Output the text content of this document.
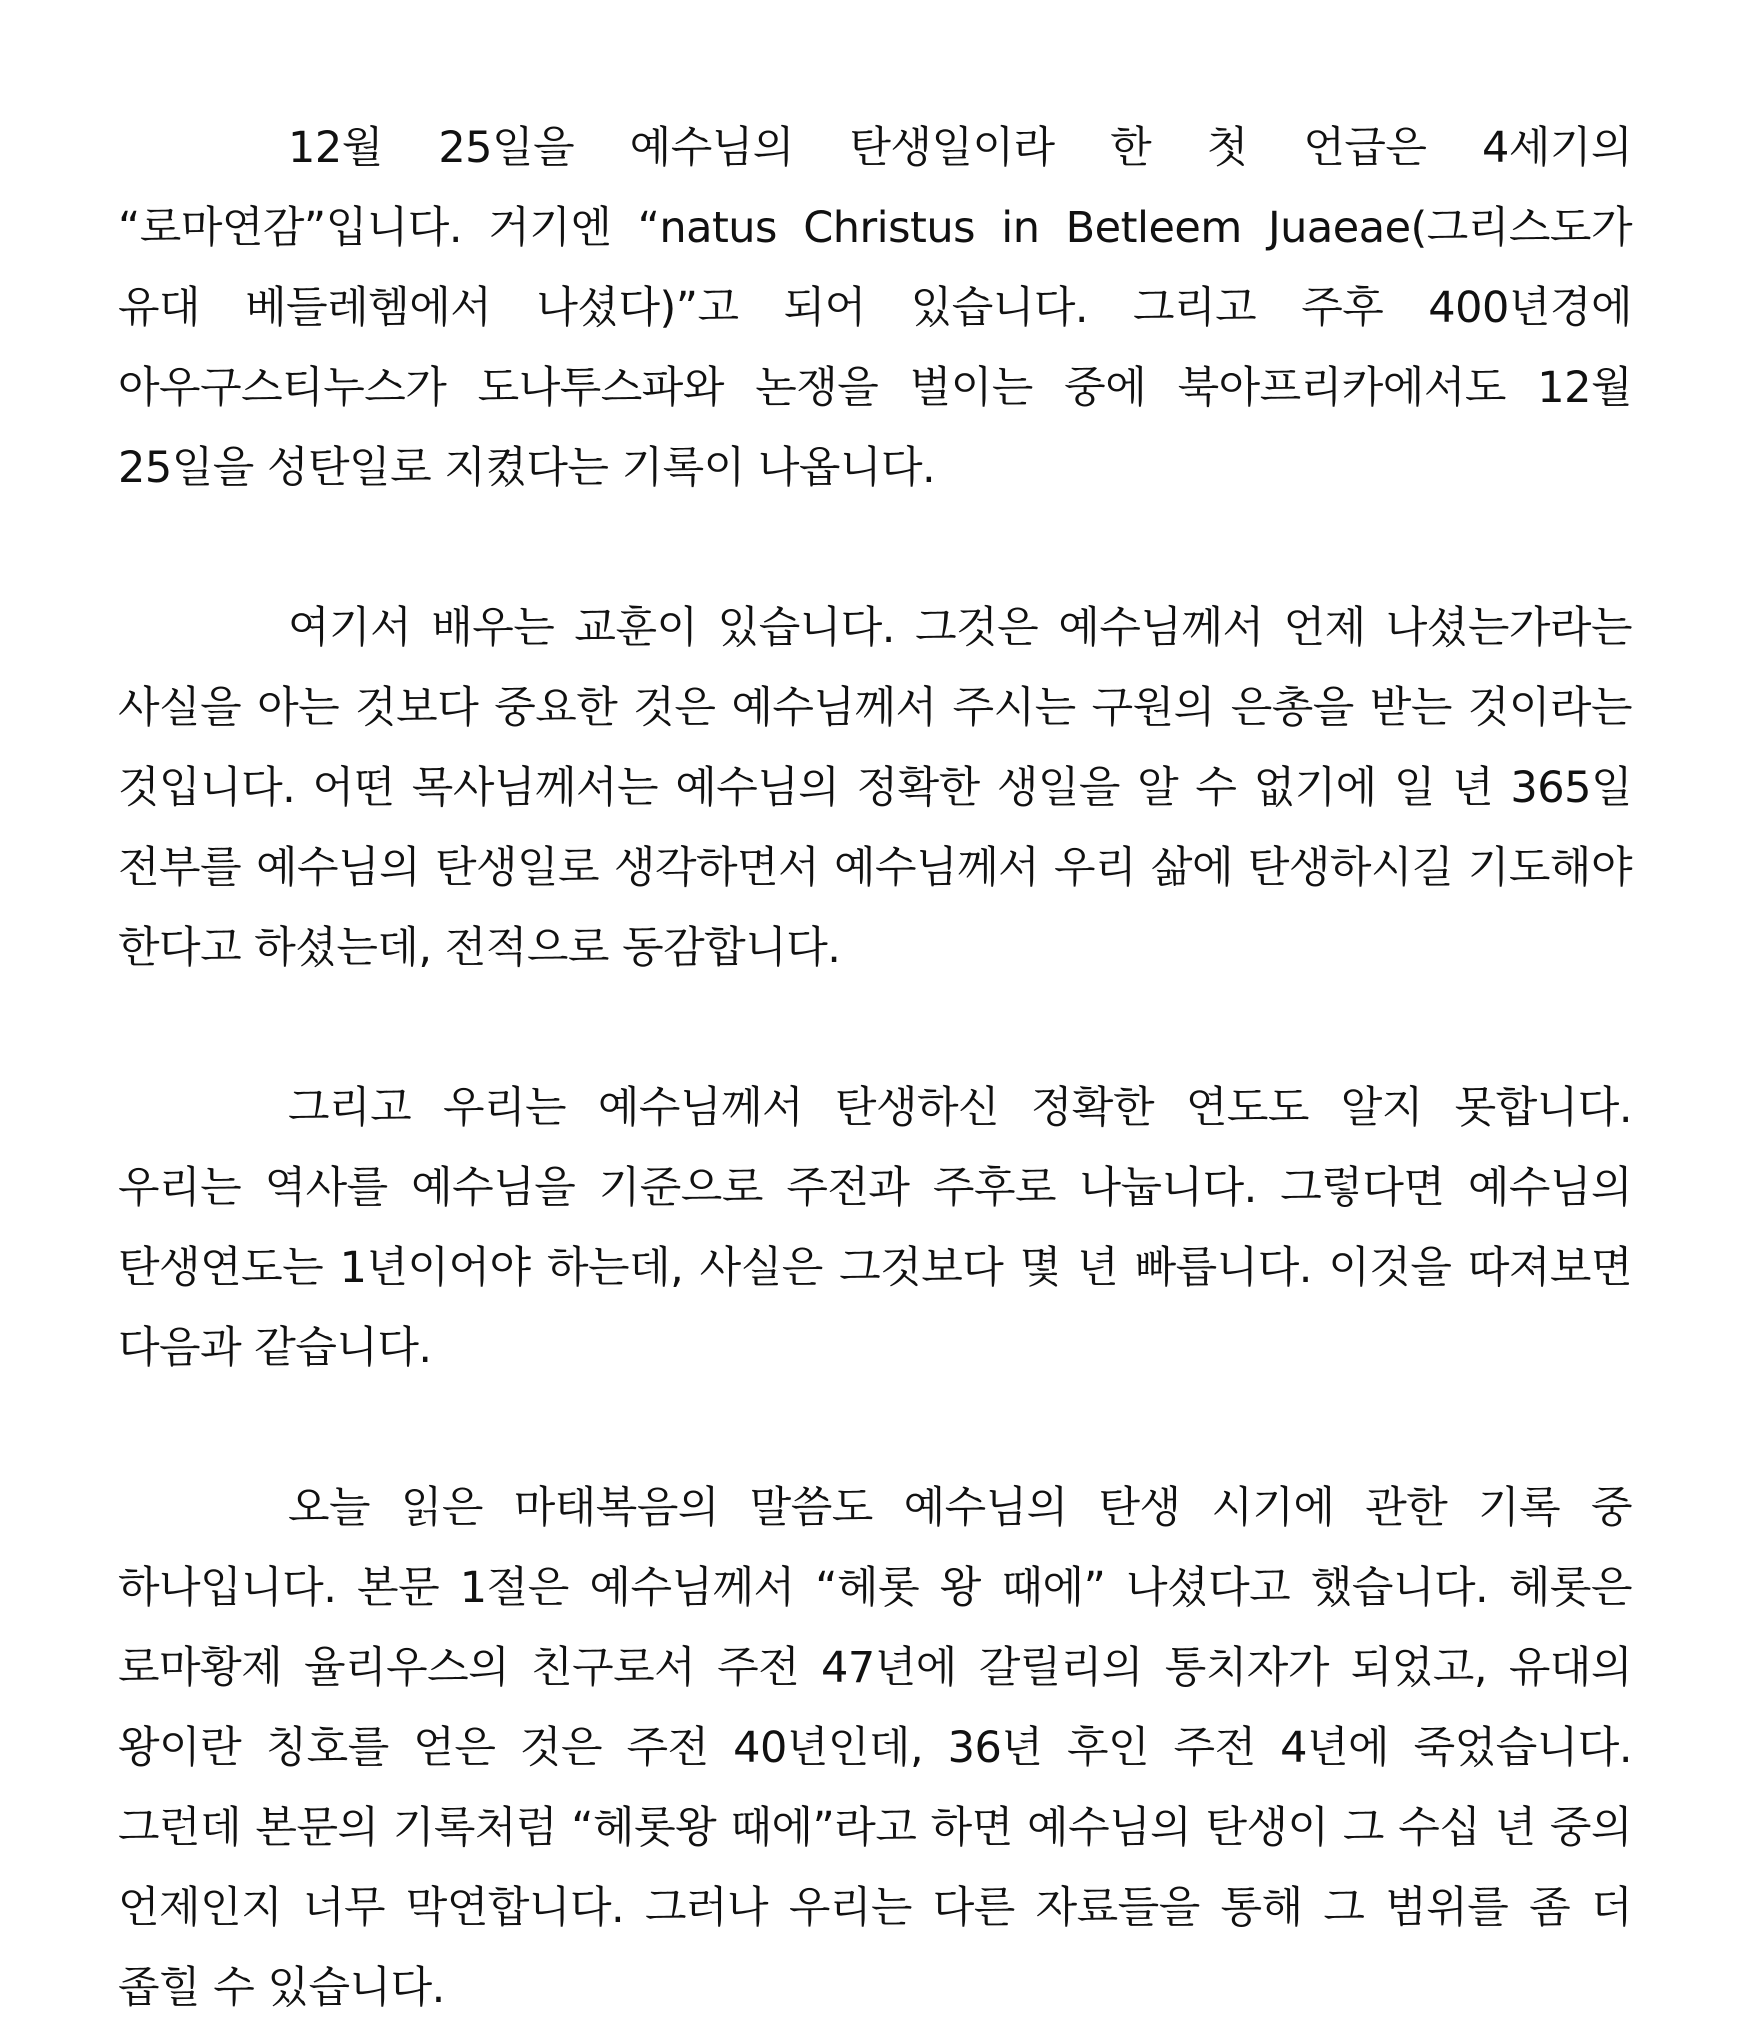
12월 25일을 예수님의 탄생일이라 한 첫 언급은 4세기의 “로마연감”입니다. 거기엔 “natus Christus in Betleem Juaeae(그리스도가 유대 베들레헴에서 나셨다)”고 되어 있습니다. 그리고 주후 400년경에 아우구스티누스가 도나투스파와 논쟁을 벌이는 중에 북아프리카에서도 12월 25일을 성탄일로 지켰다는 기록이 나옵니다.

여기서 배우는 교훈이 있습니다. 그것은 예수님께서 언제 나셨는가라는 사실을 아는 것보다 중요한 것은 예수님께서 주시는 구원의 은총을 받는 것이라는 것입니다. 어떤 목사님께서는 예수님의 정확한 생일을 알 수 없기에 일 년 365일 전부를 예수님의 탄생일로 생각하면서 예수님께서 우리 삶에 탄생하시길 기도해야 한다고 하셨는데, 전적으로 동감합니다.

그리고 우리는 예수님께서 탄생하신 정확한 연도도 알지 못합니다. 우리는 역사를 예수님을 기준으로 주전과 주후로 나눕니다. 그렇다면 예수님의 탄생연도는 1년이어야 하는데, 사실은 그것보다 몇 년 빠릅니다. 이것을 따져보면 다음과 같습니다.

오늘 읽은 마태복음의 말씀도 예수님의 탄생 시기에 관한 기록 중 하나입니다. 본문 1절은 예수님께서 “헤롯 왕 때에” 나셨다고 했습니다. 헤롯은 로마황제 율리우스의 친구로서 주전 47년에 갈릴리의 통치자가 되었고, 유대의 왕이란 칭호를 얻은 것은 주전 40년인데, 36년 후인 주전 4년에 죽었습니다. 그런데 본문의 기록처럼 “헤롯왕 때에”라고 하면 예수님의 탄생이 그 수십 년 중의 언제인지 너무 막연합니다. 그러나 우리는 다른 자료들을 통해 그 범위를 좀 더 좁힐 수 있습니다.
